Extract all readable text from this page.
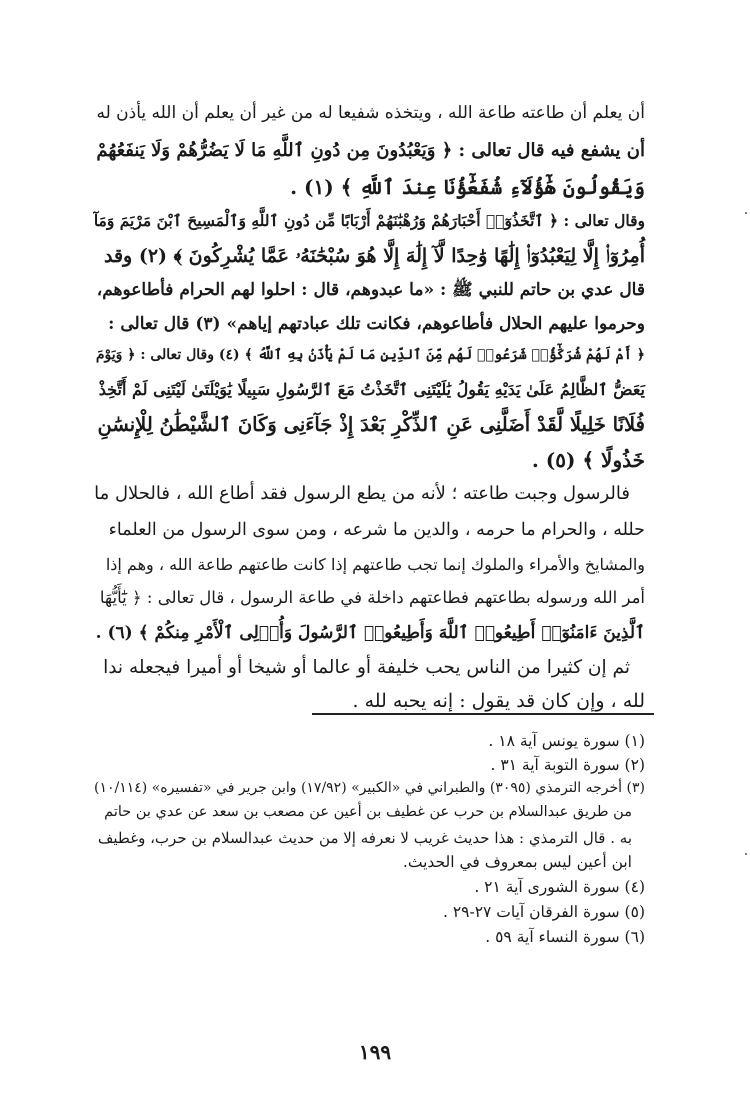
أن يعلم أن طاعته طاعة الله ، ويتخذه شفيعا له من غير أن يعلم أن الله يأذن له
أن يشفع فيه قال تعالى : ﴿ وَيَعْبُدُونَ مِن دُونِ ٱللَّهِ مَا لَا يَضُرُّهُمْ وَلَا يَنفَعُهُمْ
وَيَقُولُونَ هَٰٓؤُلَآءِ شُفَعَٰٓؤُنَا عِندَ ٱللَّهِ ﴾ (١) .
وقال تعالى : ﴿ ٱتَّخَذُوٓا۟ أَحْبَارَهُمْ وَرُهْبَٰنَهُمْ أَرْبَابًا مِّن دُونِ ٱللَّهِ وَٱلْمَسِيحَ ٱبْنَ مَرْيَمَ وَمَآ
أُمِرُوٓا۟ إِلَّا لِيَعْبُدُوٓا۟ إِلَٰهًا وَٰحِدًا لَّآ إِلَٰهَ إِلَّا هُوَ سُبْحَٰنَهُۥ عَمَّا يُشْرِكُونَ ﴾ (٢) وقد
قال عدي بن حاتم للنبي ﷺ : «ما عبدوهم، قال : احلوا لهم الحرام فأطاعوهم،
وحرموا عليهم الحلال فأطاعوهم، فكانت تلك عبادتهم إياهم» (٣) قال تعالى :
﴿ أَمْ لَهُمْ شُرَكَٰٓؤُا۟ شَرَعُوا۟ لَهُم مِّنَ ٱلدِّينِ مَا لَمْ يَأْذَنۢ بِهِ ٱللَّهُ ﴾ (٤) وقال تعالى : ﴿ وَيَوْمَ
يَعَضُّ ٱلظَّالِمُ عَلَىٰ يَدَيْهِ يَقُولُ يَٰلَيْتَنِى ٱتَّخَذْتُ مَعَ ٱلرَّسُولِ سَبِيلًا يَٰوَيْلَتَىٰ لَيْتَنِى لَمْ أَتَّخِذْ
فُلَانًا خَلِيلًا لَّقَدْ أَضَلَّنِى عَنِ ٱلذِّكْرِ بَعْدَ إِذْ جَآءَنِى وَكَانَ ٱلشَّيْطَٰنُ لِلْإِنسَٰنِ
خَذُولًا ﴾ (٥) .
فالرسول وجبت طاعته ؛ لأنه من يطع الرسول فقد أطاع الله ، فالحلال ما
حلله ، والحرام ما حرمه ، والدين ما شرعه ، ومن سوى الرسول من العلماء
والمشايخ والأمراء والملوك إنما تجب طاعتهم إذا كانت طاعتهم طاعة الله ، وهم إذا
أمر الله ورسوله بطاعتهم فطاعتهم داخلة في طاعة الرسول ، قال تعالى : ﴿ يَٰٓأَيُّهَا
ٱلَّذِينَ ءَامَنُوٓا۟ أَطِيعُوا۟ ٱللَّهَ وَأَطِيعُوا۟ ٱلرَّسُولَ وَأُو۟لِى ٱلْأَمْرِ مِنكُمْ ﴾ (٦) .
ثم إن كثيرا من الناس يحب خليفة أو عالما أو شيخا أو أميرا فيجعله ندا
لله ، وإن كان قد يقول : إنه يحبه لله .
(١) سورة يونس آية ١٨ .
(٢) سورة التوبة آية ٣١ .
(٣) أخرجه الترمذي (٣٠٩٥) والطبراني في «الكبير» (١٧/٩٢) وابن جرير في «تفسيره» (١٠/١١٤)
من طريق عبدالسلام بن حرب عن غطيف بن أعين عن مصعب بن سعد عن عدي بن حاتم
به . قال الترمذي : هذا حديث غريب لا نعرفه إلا من حديث عبدالسلام بن حرب، وغطيف
ابن أعين ليس بمعروف في الحديث.
(٤) سورة الشورى آية ٢١ .
(٥) سورة الفرقان آيات ٢٧-٢٩ .
(٦) سورة النساء آية ٥٩ .
١٩٩
